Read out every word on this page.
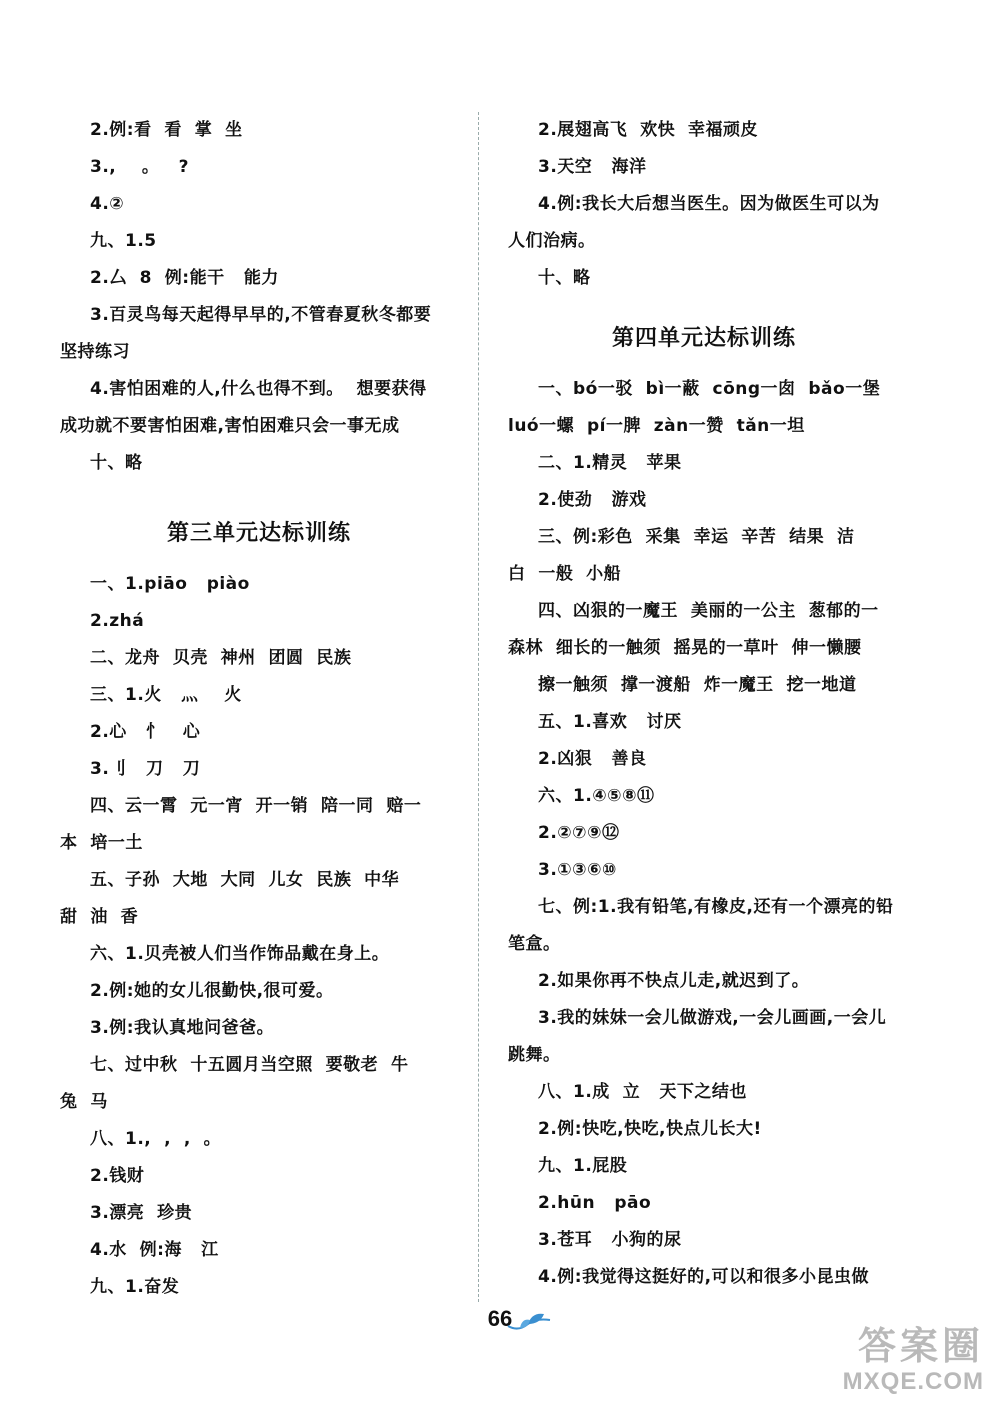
2.例:看  看  掌  坐
3.,    。   ?
4.②
九、1.5
2.厶  8  例:能干   能力
3.百灵鸟每天起得早早的,不管春夏秋冬都要
坚持练习
4.害怕困难的人,什么也得不到。  想要获得
成功就不要害怕困难,害怕困难只会一事无成
十、略
第三单元达标训练
一、1.piāo   piào
2.zhá
二、龙舟  贝壳  神州  团圆  民族
三、1.火   灬    火
2.心   忄   心
3.刂   刀   刀
四、云一霄  元一宵  开一销  陪一同  赔一
本  培一土
五、子孙  大地  大同  儿女  民族  中华
甜  油  香
六、1.贝壳被人们当作饰品戴在身上。
2.例:她的女儿很勤快,很可爱。
3.例:我认真地问爸爸。
七、过中秋  十五圆月当空照  要敬老  牛
兔  马
八、1.,  ,  ,  。
2.钱财
3.漂亮  珍贵
4.水  例:海   江
九、1.奋发
2.展翅高飞  欢快  幸福顽皮
3.天空   海洋
4.例:我长大后想当医生。因为做医生可以为
人们治病。
十、略
第四单元达标训练
一、bó一驳  bì一蔽  cōng一囱  bǎo一堡
luó一螺  pí一脾  zàn一赞  tǎn一坦
二、1.精灵   苹果
2.使劲   游戏
三、例:彩色  采集  幸运  辛苦  结果  洁
白  一般  小船
四、凶狠的一魔王  美丽的一公主  葱郁的一
森林  细长的一触须  摇晃的一草叶  伸一懒腰
擦一触须  撑一渡船  炸一魔王  挖一地道
五、1.喜欢   讨厌
2.凶狠   善良
六、1.④⑤⑧⑪
2.②⑦⑨⑫
3.①③⑥⑩
七、例:1.我有铅笔,有橡皮,还有一个漂亮的铅
笔盒。
2.如果你再不快点儿走,就迟到了。
3.我的妹妹一会儿做游戏,一会儿画画,一会儿
跳舞。
八、1.成  立   天下之结也
2.例:快吃,快吃,快点儿长大!
九、1.屁股
2.hūn   pāo
3.苍耳   小狗的尿
4.例:我觉得这挺好的,可以和很多小昆虫做
66
答案圈
MXQE.COM
